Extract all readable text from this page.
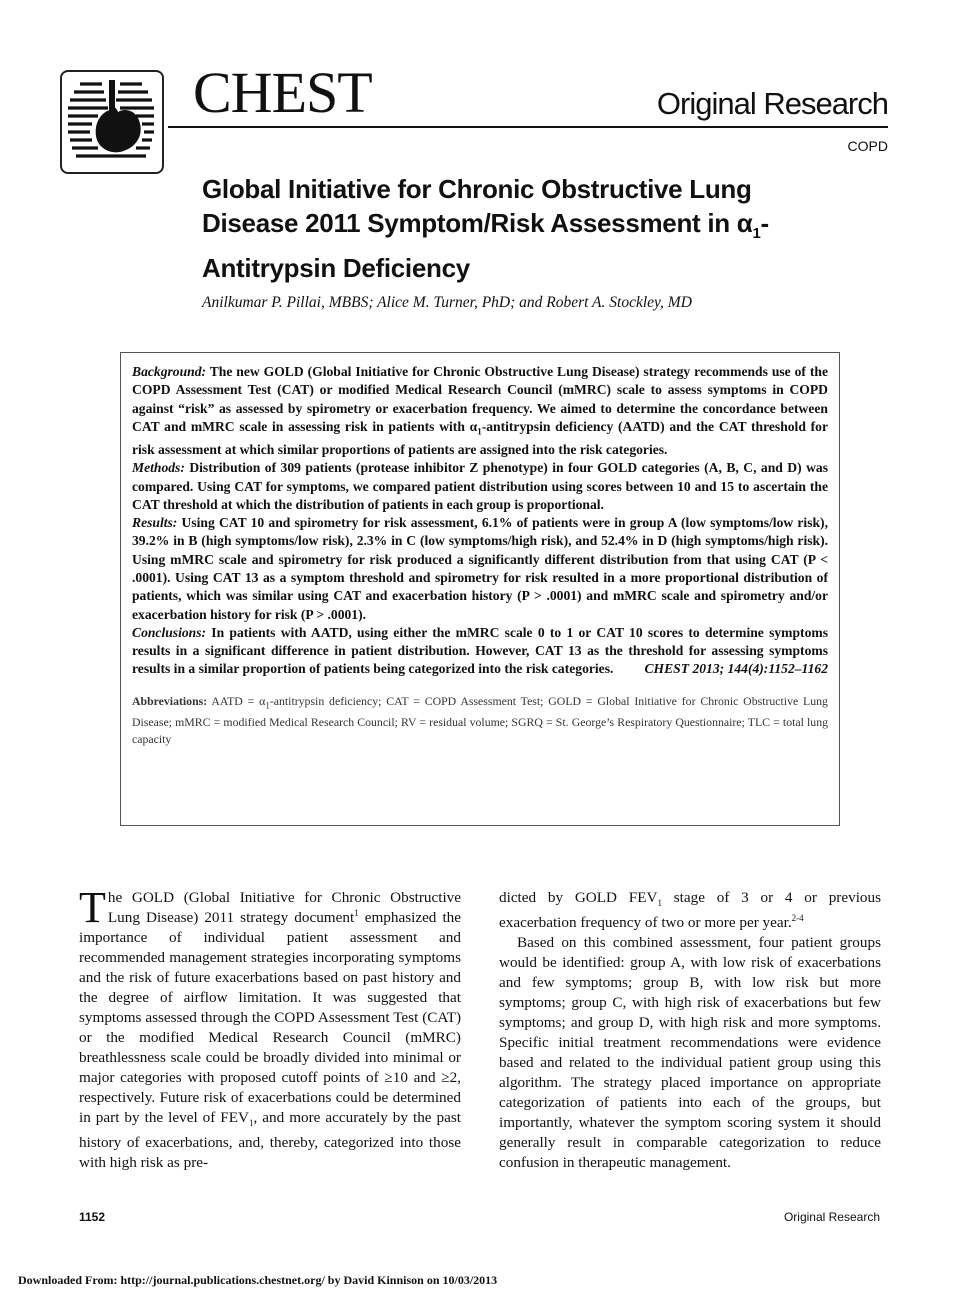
CHEST	Original Research
COPD
Global Initiative for Chronic Obstructive Lung Disease 2011 Symptom/Risk Assessment in $\alpha_1$-Antitrypsin Deficiency
Anilkumar P. Pillai, MBBS; Alice M. Turner, PhD; and Robert A. Stockley, MD

Background: The new GOLD (Global Initiative for Chronic Obstructive Lung Disease) strategy recommends use of the COPD Assessment Test (CAT) or modified Medical Research Council (mMRC) scale to assess symptoms in COPD against “risk” as assessed by spirometry or exacerbation frequency. We aimed to determine the concordance between CAT and mMRC scale in assessing risk in patients with $\alpha_1$-antitrypsin deficiency (AATD) and the CAT threshold for risk assessment at which similar proportions of patients are assigned into the risk categories.

Methods: Distribution of 309 patients (protease inhibitor Z phenotype) in four GOLD categories (A, B, C, and D) was compared. Using CAT for symptoms, we compared patient distribution using scores between 10 and 15 to ascertain the CAT threshold at which the distribution of patients in each group is proportional.

Results: Using CAT 10 and spirometry for risk assessment, 6.1% of patients were in group A (low symptoms/low risk), 39.2% in B (high symptoms/low risk), 2.3% in C (low symptoms/high risk), and 52.4% in D (high symptoms/high risk). Using mMRC scale and spirometry for risk produced a significantly different distribution from that using CAT (P < .0001). Using CAT 13 as a symptom threshold and spirometry for risk resulted in a more proportional distribution of patients, which was similar using CAT and exacerbation history (P > .0001) and mMRC scale and spirometry and/or exacerbation history for risk (P > .0001).

Conclusions: In patients with AATD, using either the mMRC scale 0 to 1 or CAT 10 scores to determine symptoms results in a significant difference in patient distribution. However, CAT 13 as the threshold for assessing symptoms results in a similar proportion of patients being categorized into the risk categories. CHEST 2013; 144(4):1152–1162

Abbreviations: AATD = $\alpha_1$-antitrypsin deficiency; CAT = COPD Assessment Test; GOLD = Global Initiative for Chronic Obstructive Lung Disease; mMRC = modified Medical Research Council; RV = residual volume; SGRQ = St. George’s Respiratory Questionnaire; TLC = total lung capacity

The GOLD (Global Initiative for Chronic Obstructive Lung Disease) 2011 strategy document$^1$ emphasized the importance of individual patient assessment and recommended management strategies incorporating symptoms and the risk of future exacerbations based on past history and the degree of airflow limitation. It was suggested that symptoms assessed through the COPD Assessment Test (CAT) or the modified Medical Research Council (mMRC) breathlessness scale could be broadly divided into minimal or major categories with proposed cutoff points of ≥10 and ≥2, respectively. Future risk of exacerbations could be determined in part by the level of $FEV_1$, and more accurately by the past history of exacerbations, and, thereby, categorized into those with high risk as pre-

dicted by GOLD $FEV_1$ stage of 3 or 4 or previous exacerbation frequency of two or more per year.$^{2-4}$

Based on this combined assessment, four patient groups would be identified: group A, with low risk of exacerbations and few symptoms; group B, with low risk but more symptoms; group C, with high risk of exacerbations but few symptoms; and group D, with high risk and more symptoms. Specific initial treatment recommendations were evidence based and related to the individual patient group using this algorithm. The strategy placed importance on appropriate categorization of patients into each of the groups, but importantly, whatever the symptom scoring system it should generally result in comparable categorization to reduce confusion in therapeutic management.

1152	Original Research
Downloaded From: http://journal.publications.chestnet.org/ by David Kinnison on 10/03/2013
